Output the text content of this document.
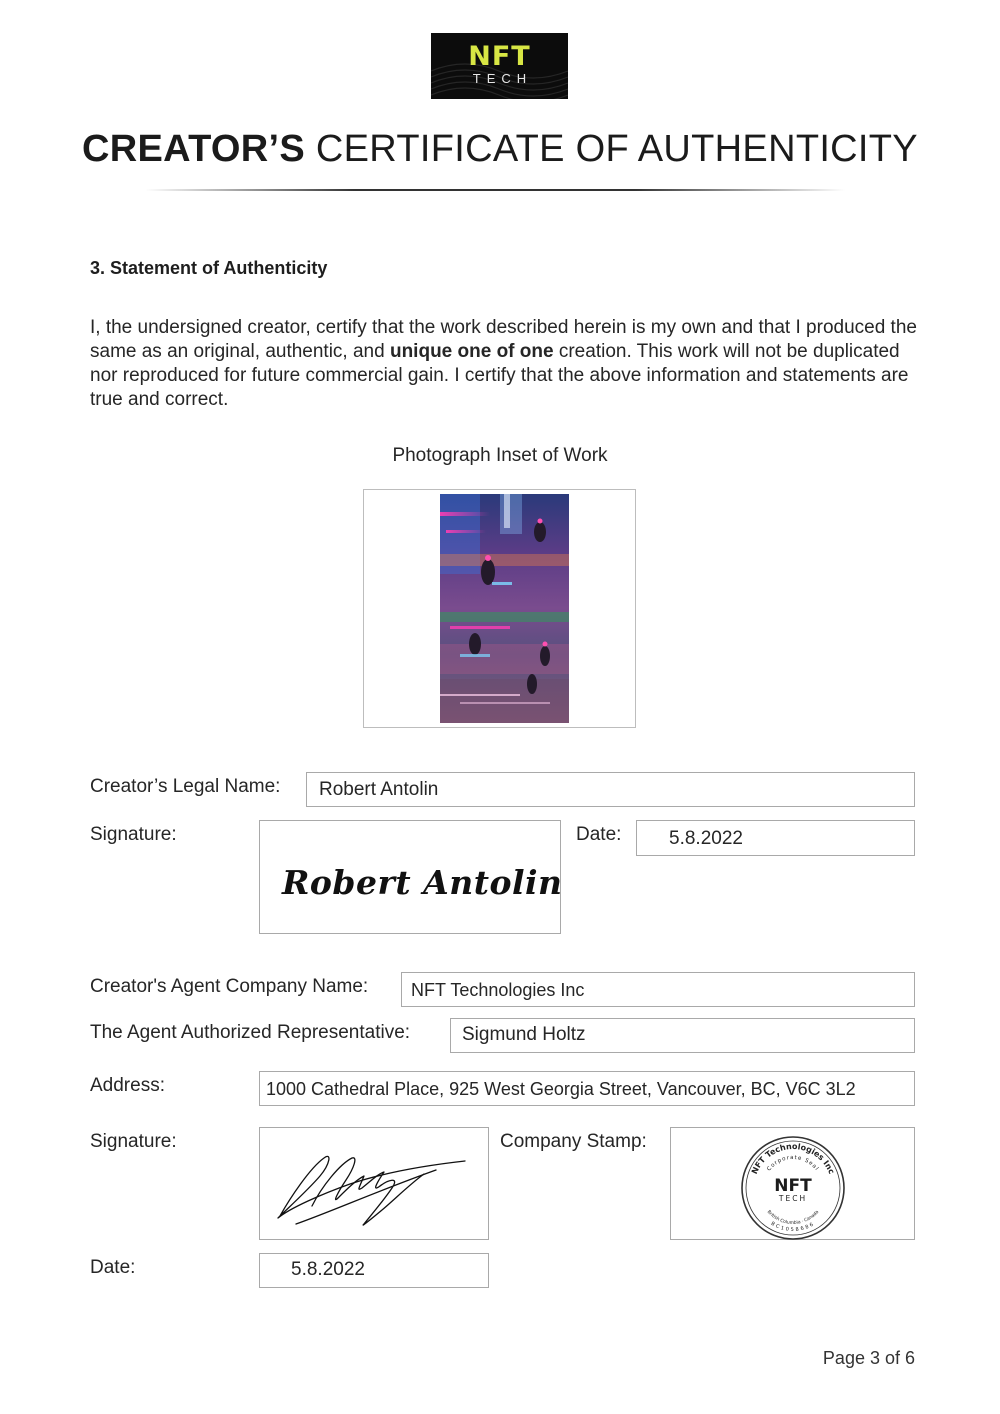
NFT
TECH
CREATOR’S CERTIFICATE OF AUTHENTICITY
3. Statement of Authenticity
I, the undersigned creator, certify that the work described herein is my own and that I produced the same as an original, authentic, and unique one of one creation. This work will not be duplicated nor reproduced for future commercial gain. I certify that the above information and statements are true and correct.
Photograph Inset of Work
Creator’s Legal Name: Robert Antolin
Signature:
Robert Antolin
Date:	5.8.2022
Creator's Agent Company Name: NFT Technologies Inc
The Agent Authorized Representative:	Sigmund Holtz
Address:	1000 Cathedral Place, 925 West Georgia Street, Vancouver, BC, V6C 3L2
Signature:	Company Stamp:
NFT Technologies Inc
Corporate Seal
British Columbia · Canada
BC1058686
NFT
TECH
Date:	5.8.2022
Page 3 of 6
